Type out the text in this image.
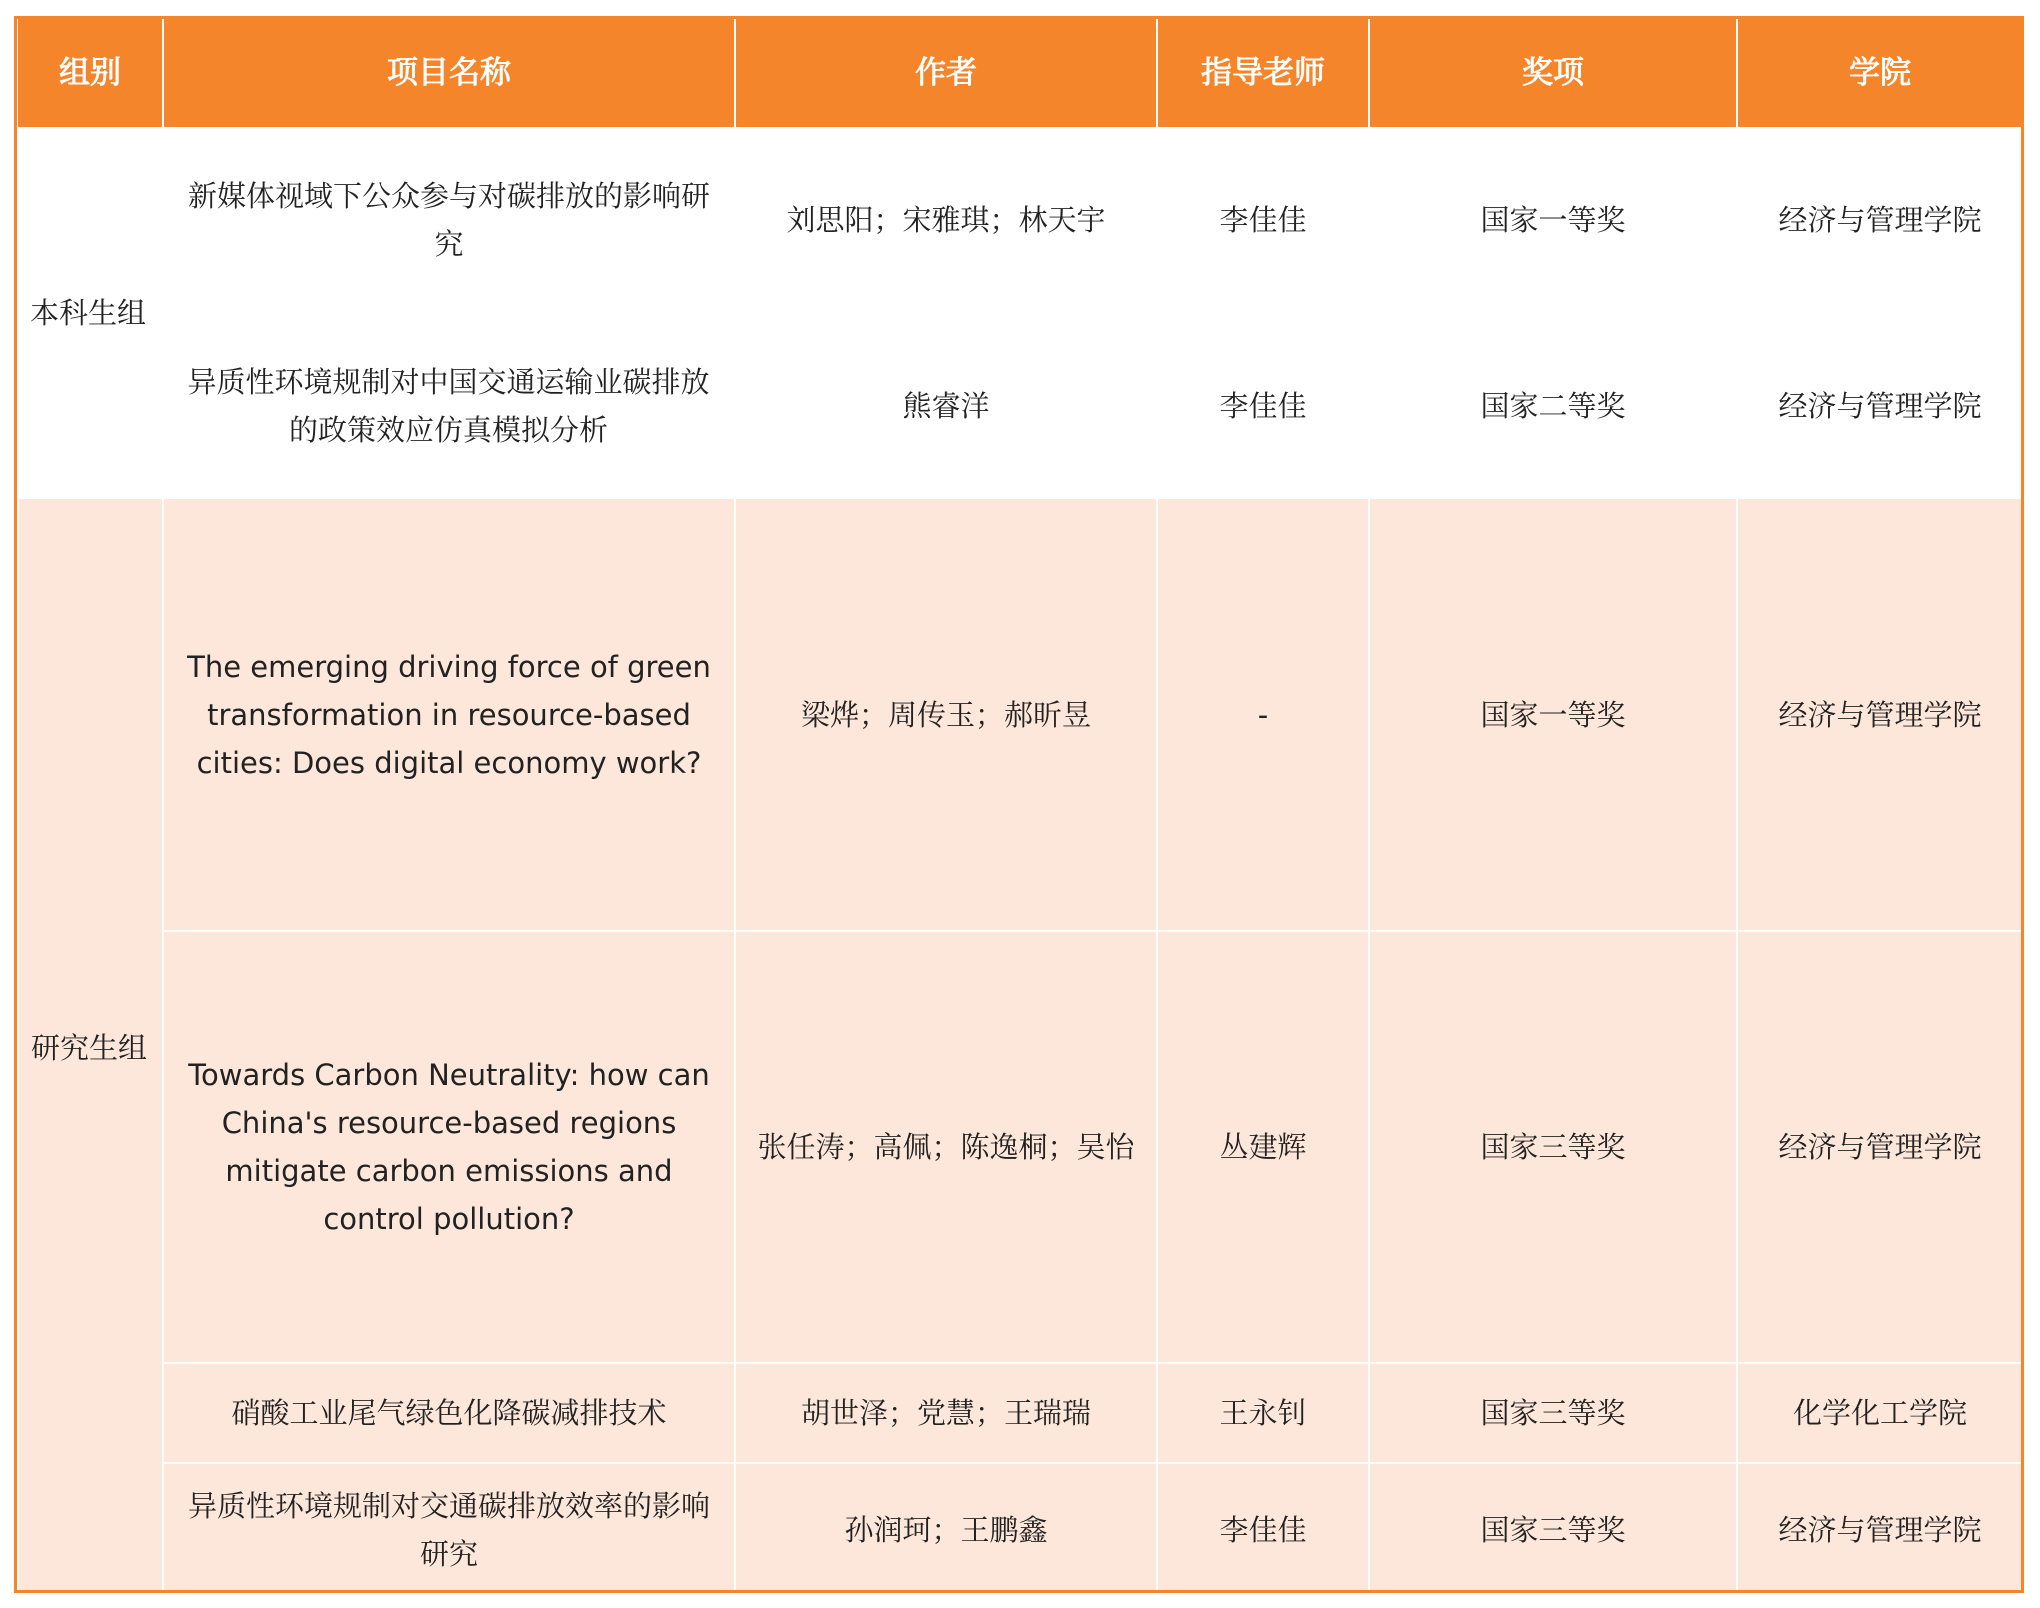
组别	项目名称	作者	指导老师	奖项	学院
本科生组	新媒体视域下公众参与对碳排放的影响研究	刘思阳；宋雅琪；林天宇	李佳佳	国家一等奖	经济与管理学院
	异质性环境规制对中国交通运输业碳排放的政策效应仿真模拟分析	熊睿洋	李佳佳	国家二等奖	经济与管理学院
研究生组	The emerging driving force of green transformation in resource-based cities: Does digital economy work?	梁烨；周传玉；郝昕昱	-	国家一等奖	经济与管理学院
	Towards Carbon Neutrality: how can China's resource-based regions mitigate carbon emissions and control pollution?	张任涛；高佩；陈逸桐；吴怡	丛建辉	国家三等奖	经济与管理学院
	硝酸工业尾气绿色化降碳减排技术	胡世泽；党慧；王瑞瑞	王永钊	国家三等奖	化学化工学院
	异质性环境规制对交通碳排放效率的影响研究	孙润珂；王鹏鑫	李佳佳	国家三等奖	经济与管理学院
